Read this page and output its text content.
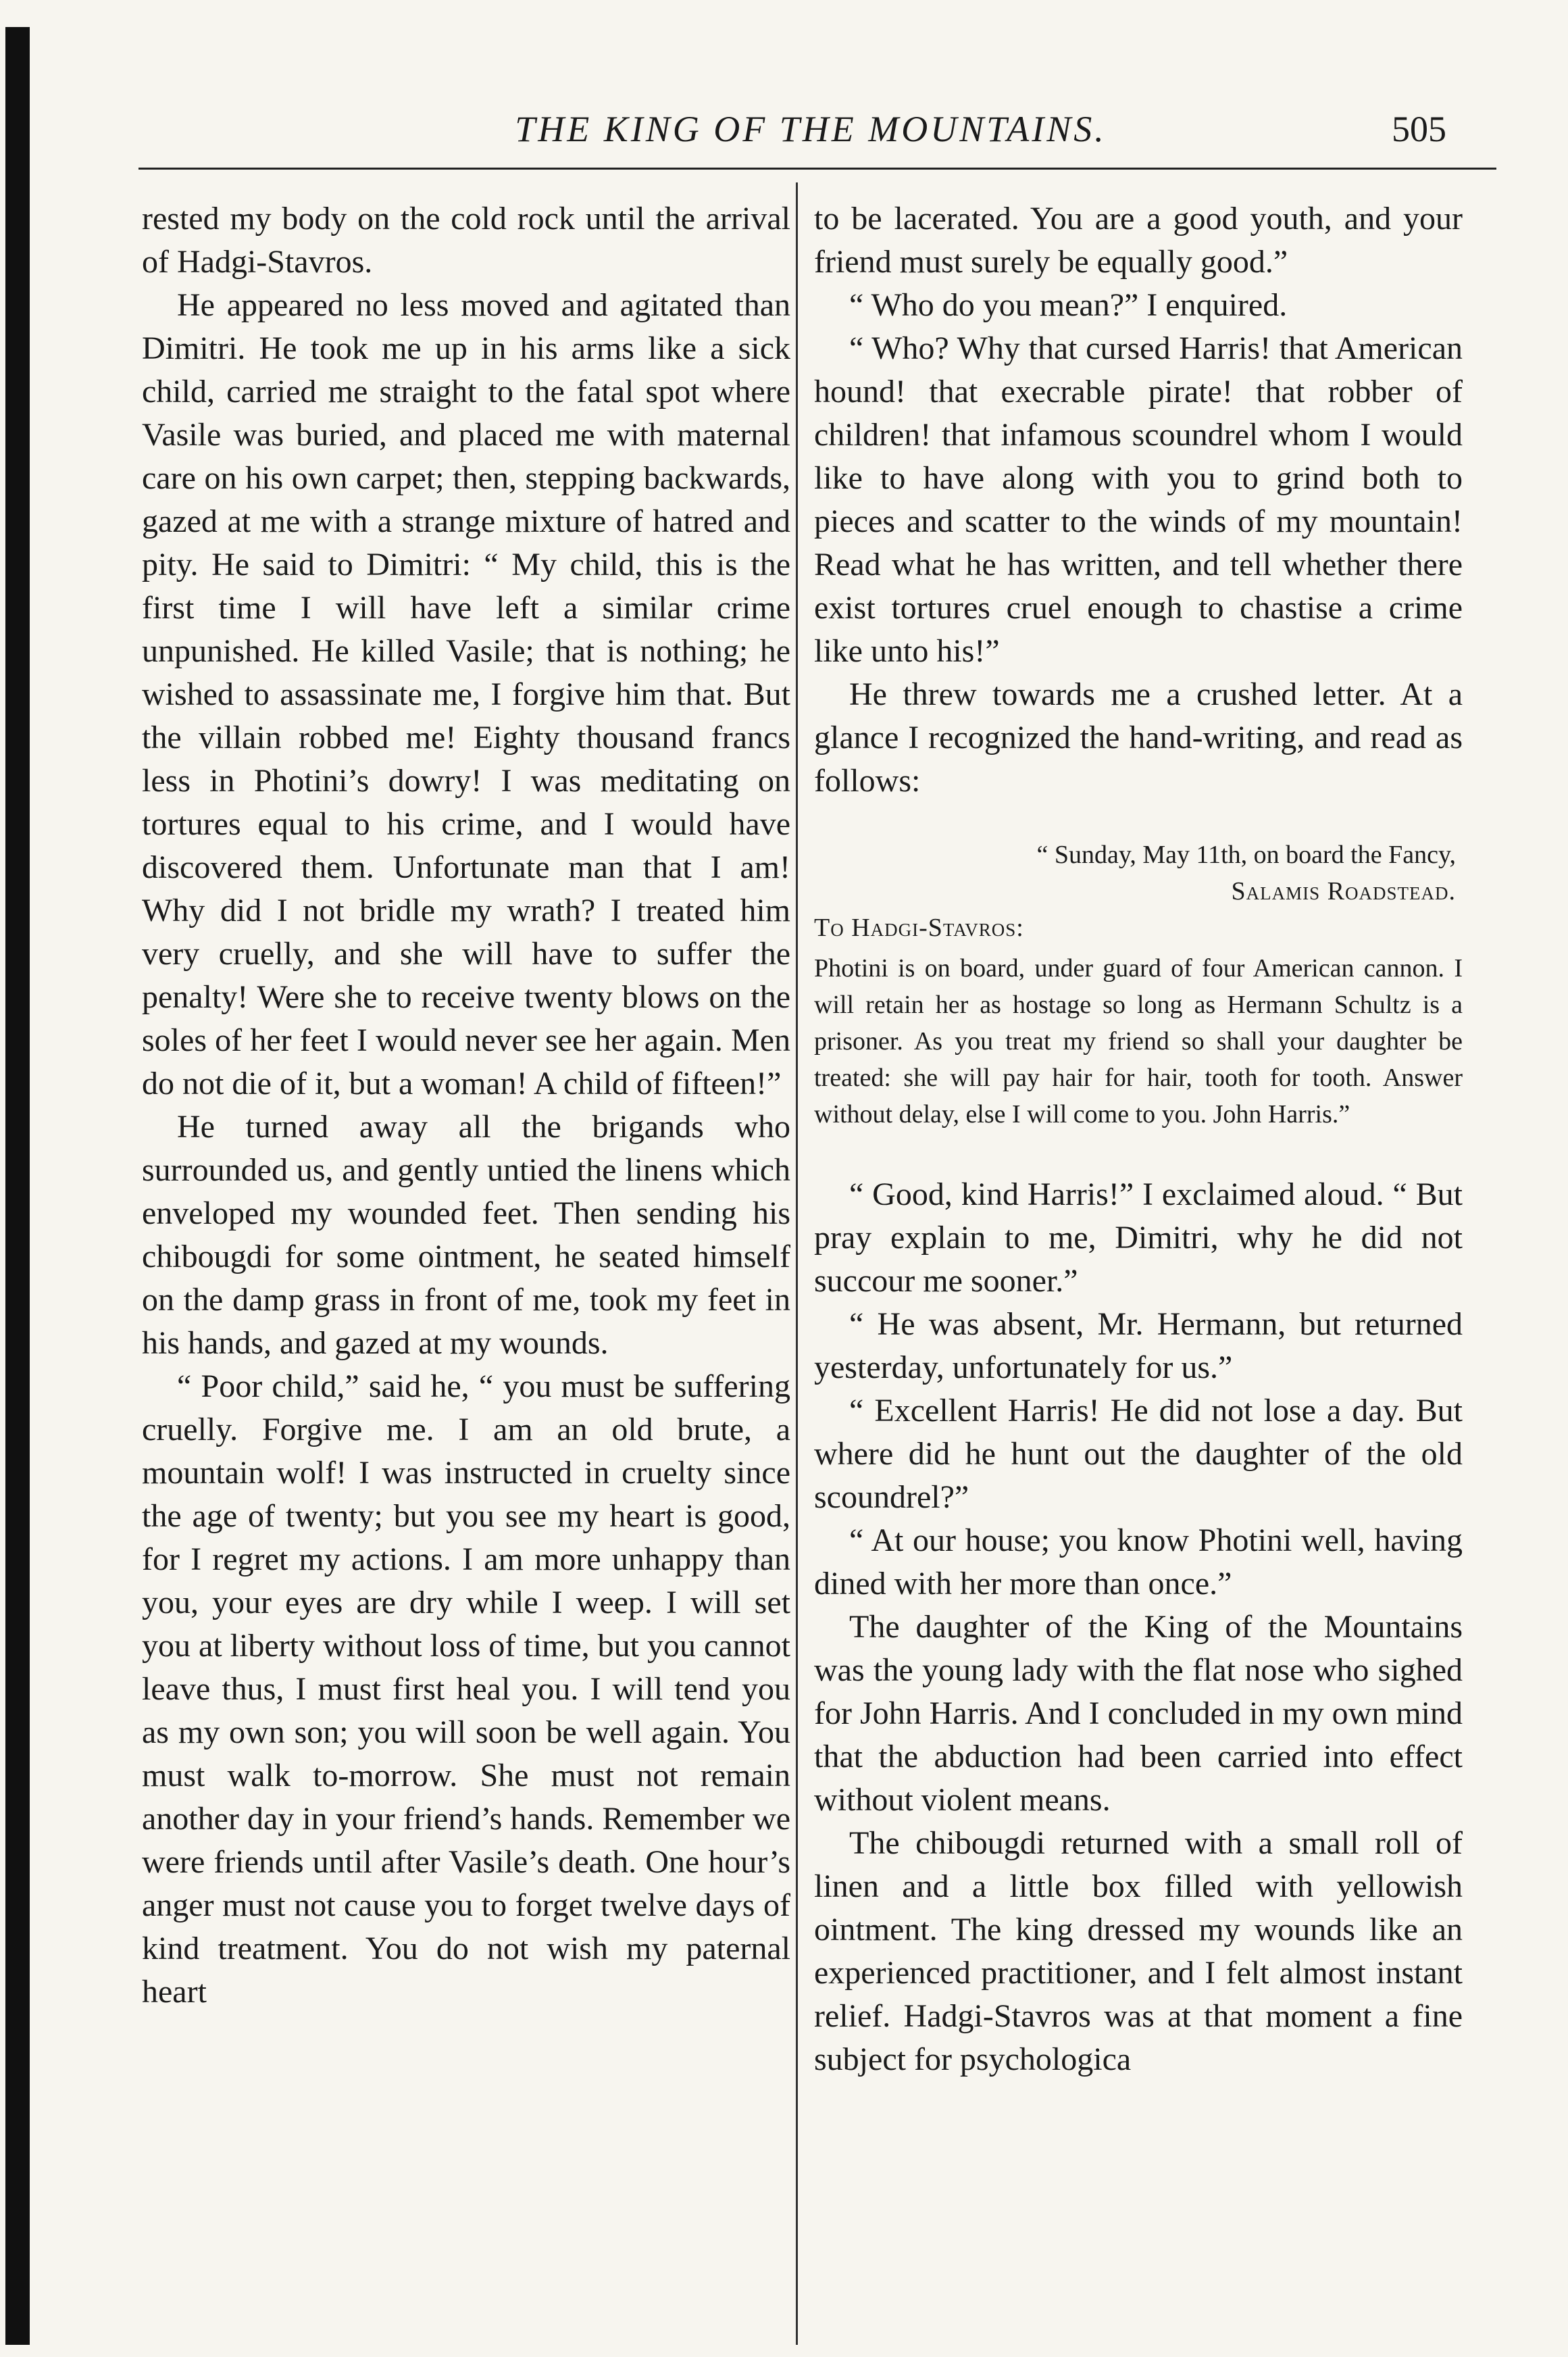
THE KING OF THE MOUNTAINS.	505

rested my body on the cold rock until the arrival of Hadgi-Stavros.

He appeared no less moved and agitated than Dimitri. He took me up in his arms like a sick child, carried me straight to the fatal spot where Vasile was buried, and placed me with maternal care on his own carpet; then, stepping backwards, gazed at me with a strange mixture of hatred and pity. He said to Dimitri: “ My child, this is the first time I will have left a similar crime unpunished. He killed Vasile; that is nothing; he wished to assassinate me, I forgive him that. But the villain robbed me! Eighty thousand francs less in Photini’s dowry! I was meditating on tortures equal to his crime, and I would have discovered them. Unfortunate man that I am! Why did I not bridle my wrath? I treated him very cruelly, and she will have to suffer the penalty! Were she to receive twenty blows on the soles of her feet I would never see her again. Men do not die of it, but a woman! A child of fifteen!”

He turned away all the brigands who surrounded us, and gently untied the linens which enveloped my wounded feet. Then sending his chibougdi for some ointment, he seated himself on the damp grass in front of me, took my feet in his hands, and gazed at my wounds.

“ Poor child,” said he, “ you must be suffering cruelly. Forgive me. I am an old brute, a mountain wolf! I was instructed in cruelty since the age of twenty; but you see my heart is good, for I regret my actions. I am more unhappy than you, your eyes are dry while I weep. I will set you at liberty without loss of time, but you cannot leave thus, I must first heal you. I will tend you as my own son; you will soon be well again. You must walk to-morrow. She must not remain another day in your friend’s hands. Remember we were friends until after Vasile’s death. One hour’s anger must not cause you to forget twelve days of kind treatment. You do not wish my paternal heart

to be lacerated. You are a good youth, and your friend must surely be equally good.”

“ Who do you mean?” I enquired.

“ Who? Why that cursed Harris! that American hound! that execrable pirate! that robber of children! that infamous scoundrel whom I would like to have along with you to grind both to pieces and scatter to the winds of my mountain! Read what he has written, and tell whether there exist tortures cruel enough to chastise a crime like unto his!”

He threw towards me a crushed letter. At a glance I recognized the hand-writing, and read as follows:

“ Sunday, May 11th, on board the Fancy,
Salamis Roadstead.
To Hadgi-Stavros:
Photini is on board, under guard of four American cannon. I will retain her as hostage so long as Hermann Schultz is a prisoner. As you treat my friend so shall your daughter be treated: she will pay hair for hair, tooth for tooth. Answer without delay, else I will come to you. John Harris.”

“ Good, kind Harris!” I exclaimed aloud. “ But pray explain to me, Dimitri, why he did not succour me sooner.”

“ He was absent, Mr. Hermann, but returned yesterday, unfortunately for us.”

“ Excellent Harris! He did not lose a day. But where did he hunt out the daughter of the old scoundrel?”

“ At our house; you know Photini well, having dined with her more than once.”

The daughter of the King of the Mountains was the young lady with the flat nose who sighed for John Harris. And I concluded in my own mind that the abduction had been carried into effect without violent means.

The chibougdi returned with a small roll of linen and a little box filled with yellowish ointment. The king dressed my wounds like an experienced practitioner, and I felt almost instant relief. Hadgi-Stavros was at that moment a fine subject for psychologica
